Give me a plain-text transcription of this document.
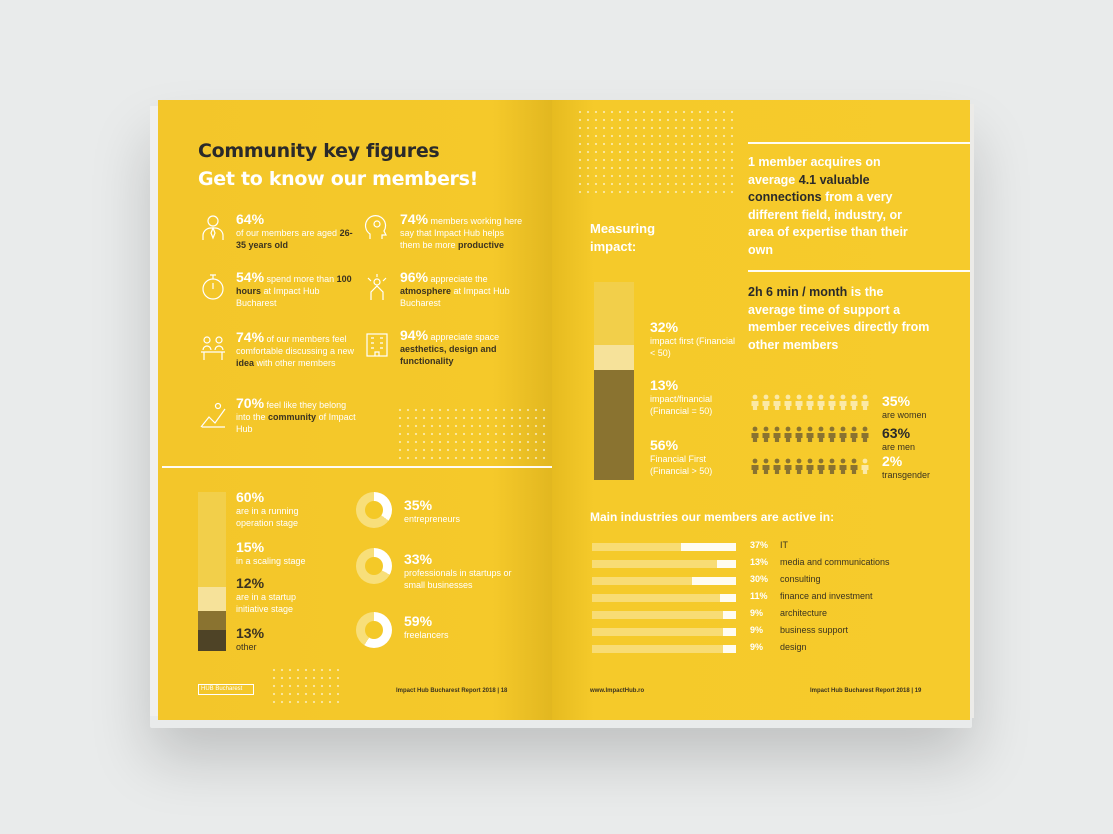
Community key figures
Get to know our members!
64%
of our members are aged 26-35 years old
54% spend more than 100 hours at Impact Hub Bucharest
74% of our members feel comfortable discussing a new idea with other members
70% feel like they belong into the community of Impact Hub
74% members working here say that Impact Hub helps them be more productive
96% appreciate the atmosphere at Impact Hub Bucharest
94% appreciate space aesthetics, design and functionality
60%
are in a running operation stage
15%
in a scaling stage
12%
are in a startup initiative stage
13%
other
35%
entrepreneurs
33%
professionals in startups or small businesses
59%
freelancers
HUB Bucharest	Impact Hub Bucharest Report 2018 | 18
1 member acquires on average 4.1 valuable connections from a very different field, industry, or area of expertise than their own
2h 6 min / month is the average time of support a member receives directly from other members
Measuring impact:
32%
impact first (Financial < 50)
13%
impact/financial (Financial = 50)
56%
Financial First (Financial > 50)
35%
are women
63%
are men
2%
transgender
Main industries our members are active in:
37% IT
13% media and communications
30% consulting
11% finance and investment
9% architecture
9% business support
9% design
www.ImpactHub.ro	Impact Hub Bucharest Report 2018 | 19
